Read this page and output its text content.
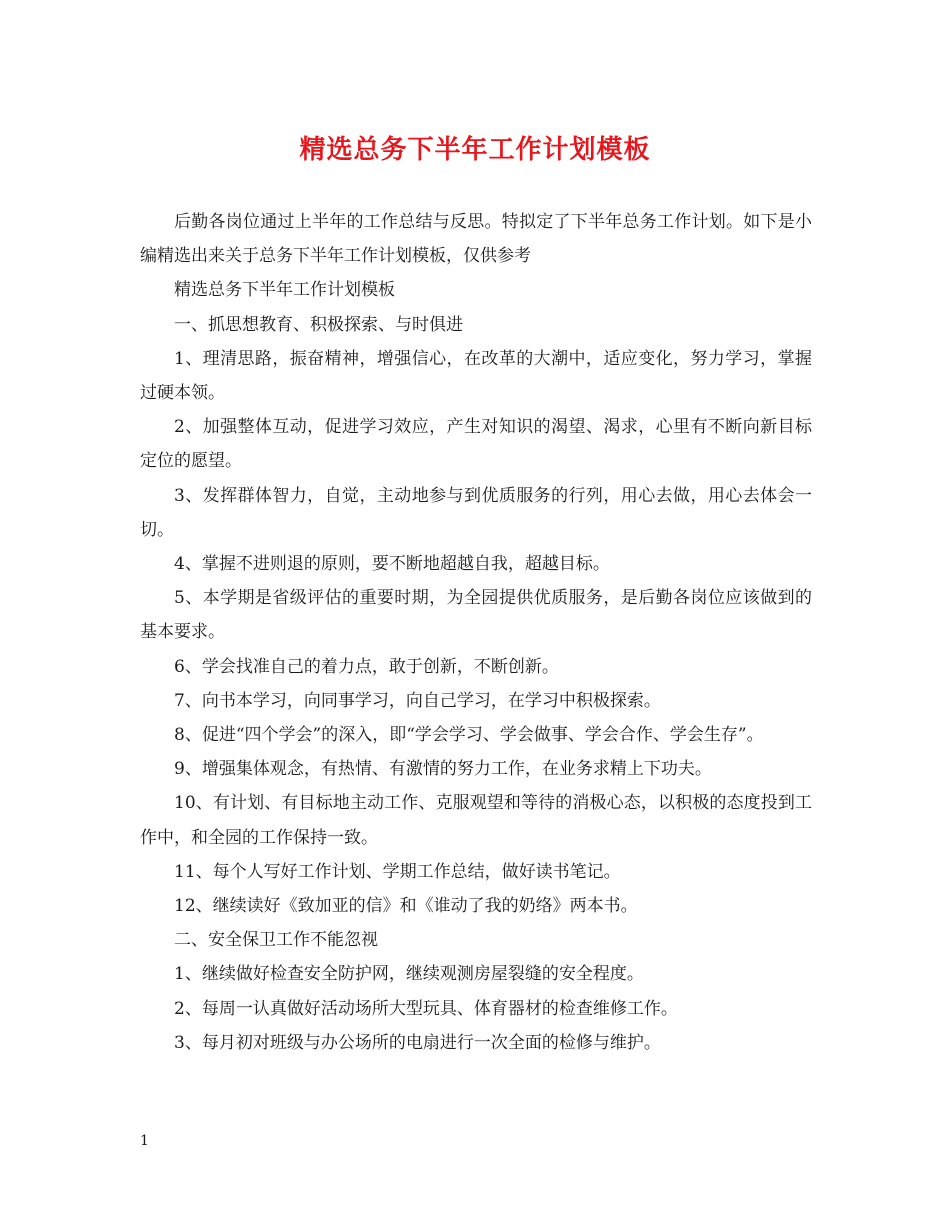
精选总务下半年工作计划模板

后勤各岗位通过上半年的工作总结与反思。特拟定了下半年总务工作计划。如下是小编精选出来关于总务下半年工作计划模板，仅供参考

精选总务下半年工作计划模板

一、抓思想教育、积极探索、与时俱进

1、理清思路，振奋精神，增强信心，在改革的大潮中，适应变化，努力学习，掌握过硬本领。

2、加强整体互动，促进学习效应，产生对知识的渴望、渴求，心里有不断向新目标定位的愿望。

3、发挥群体智力，自觉，主动地参与到优质服务的行列，用心去做，用心去体会一切。

4、掌握不进则退的原则，要不断地超越自我，超越目标。

5、本学期是省级评估的重要时期，为全园提供优质服务，是后勤各岗位应该做到的基本要求。

6、学会找准自己的着力点，敢于创新，不断创新。

7、向书本学习，向同事学习，向自己学习，在学习中积极探索。

8、促进“四个学会”的深入，即“学会学习、学会做事、学会合作、学会生存”。

9、增强集体观念，有热情、有激情的努力工作，在业务求精上下功夫。

10、有计划、有目标地主动工作、克服观望和等待的消极心态，以积极的态度投到工作中，和全园的工作保持一致。

11、每个人写好工作计划、学期工作总结，做好读书笔记。

12、继续读好《致加亚的信》和《谁动了我的奶络》两本书。

二、安全保卫工作不能忽视

1、继续做好检查安全防护网，继续观测房屋裂缝的安全程度。

2、每周一认真做好活动场所大型玩具、体育器材的检查维修工作。

3、每月初对班级与办公场所的电扇进行一次全面的检修与维护。

1
